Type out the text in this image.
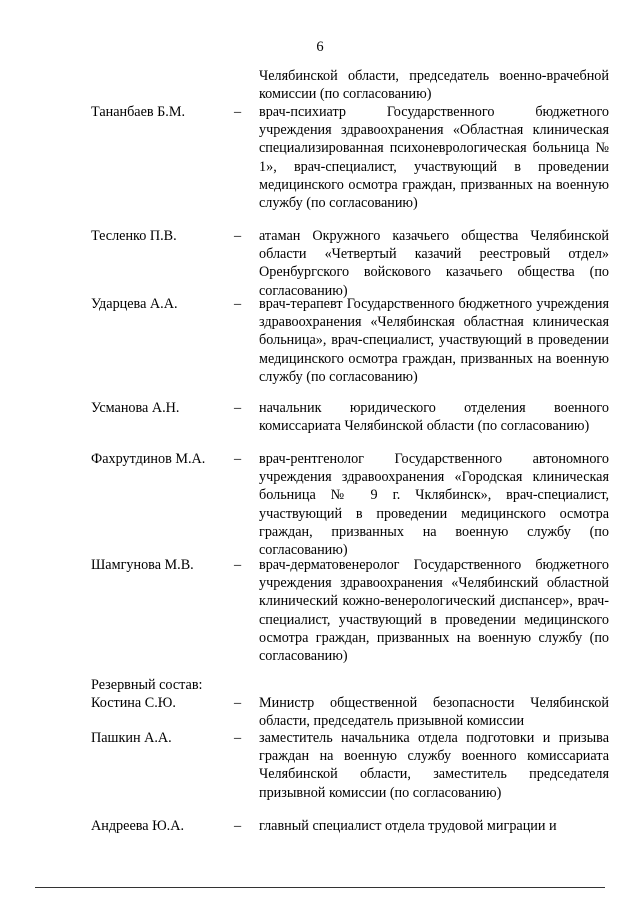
6
Челябинской области, председатель военно-врачебной комиссии (по согласованию)
Тананбаев Б.М.	– врач-психиатр Государственного бюджетного учреждения здравоохранения «Областная клиническая специализированная психоневрологическая больница № 1», врач-специалист, участвующий в проведении медицинского осмотра граждан, призванных на военную службу (по согласованию)
Тесленко П.В.	– атаман Окружного казачьего общества Челябинской области «Четвертый казачий реестровый отдел» Оренбургского войскового казачьего общества (по согласованию)
Ударцева А.А.	– врач-терапевт Государственного бюджетного учреждения здравоохранения «Челябинская областная клиническая больница», врач-специалист, участвующий в проведении медицинского осмотра граждан, призванных на военную службу (по согласованию)
Усманова А.Н.	– начальник юридического отделения военного комиссариата Челябинской области (по согласованию)
Фахрутдинов М.А. – врач-рентгенолог Государственного автономного учреждения здравоохранения «Городская клиническая больница № 9 г. Чклябинск», врач-специалист, участвующий в проведении медицинского осмотра граждан, призванных на военную службу (по согласованию)
Шамгунова М.В.	– врач-дерматовенеролог Государственного бюджетного учреждения здравоохранения «Челябинский областной клинический кожно-венерологический диспансер», врач-специалист, участвующий в проведении медицинского осмотра граждан, призванных на военную службу (по согласованию)
Резервный состав:
Костина С.Ю.	– Министр общественной безопасности Челябинской области, председатель призывной комиссии
Пашкин А.А.	– заместитель начальника отдела подготовки и призыва граждан на военную службу военного комиссариата Челябинской области, заместитель председателя призывной комиссии (по согласованию)
Андреева Ю.А.	– главный специалист отдела трудовой миграции и
